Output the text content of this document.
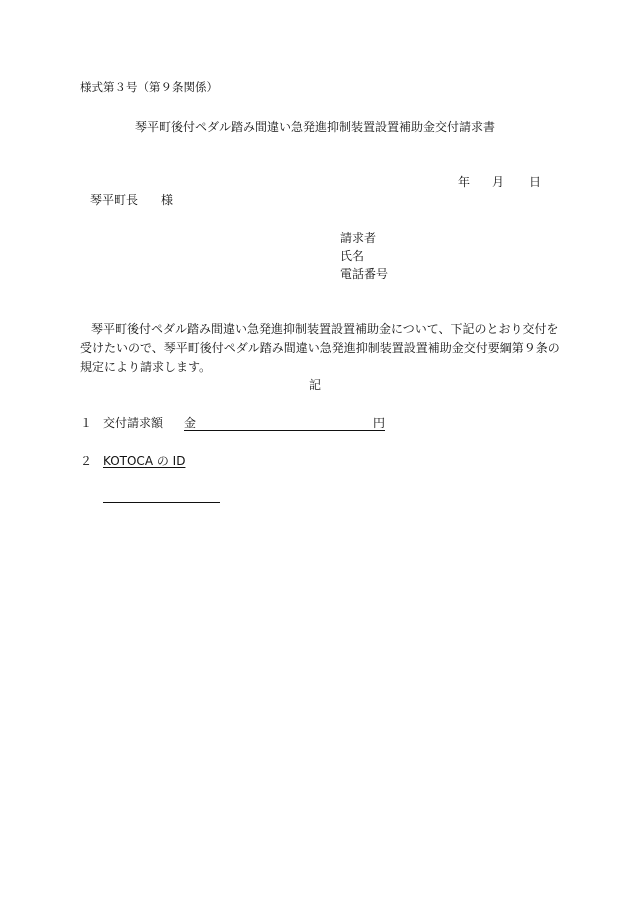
様式第３号（第９条関係）
琴平町後付ペダル踏み間違い急発進抑制装置設置補助金交付請求書
年 月 日
琴平町長 様
請求者
氏名
電話番号
琴平町後付ペダル踏み間違い急発進抑制装置設置補助金について、下記のとおり交付を
受けたいので、琴平町後付ペダル踏み間違い急発進抑制装置設置補助金交付要綱第９条の
規定により請求します。
記
１ 交付請求額 金	円
２ KOTOCA の ID
